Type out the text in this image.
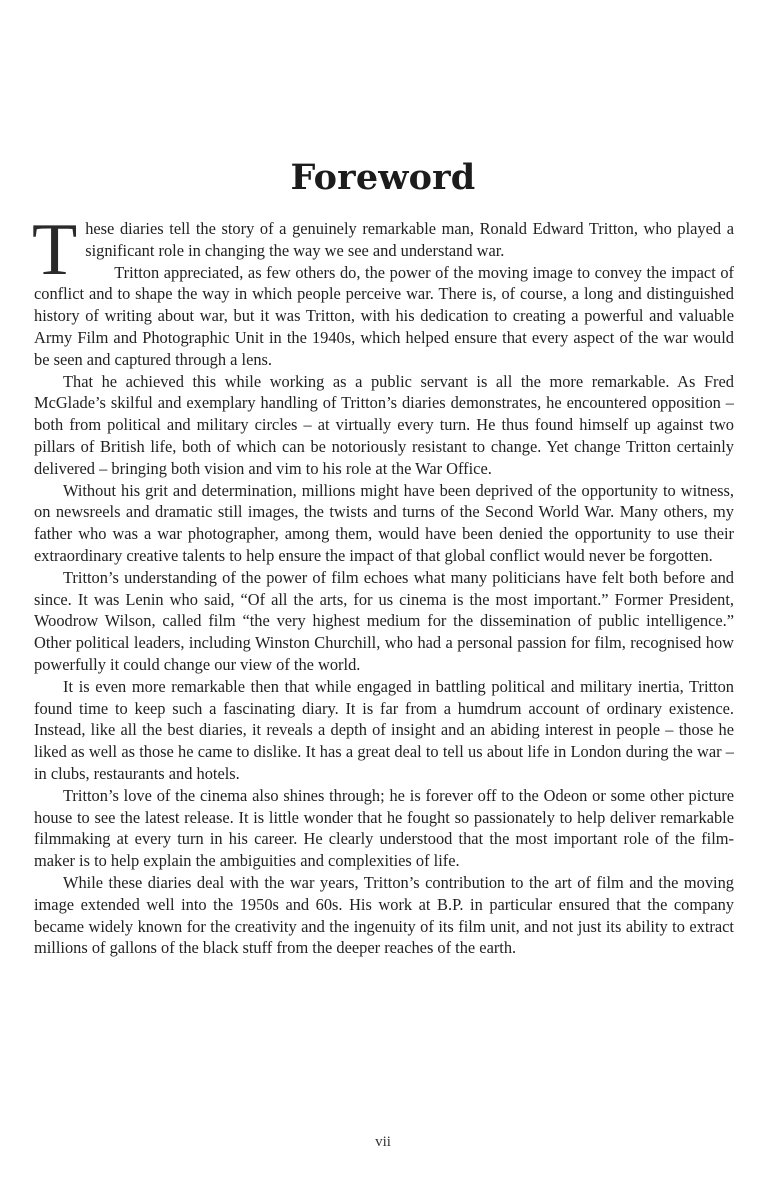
Foreword

These diaries tell the story of a genuinely remarkable man, Ronald Edward Tritton, who played a significant role in changing the way we see and understand war.

Tritton appreciated, as few others do, the power of the moving image to convey the impact of conflict and to shape the way in which people perceive war. There is, of course, a long and distinguished history of writing about war, but it was Tritton, with his dedication to creating a powerful and valuable Army Film and Photographic Unit in the 1940s, which helped ensure that every aspect of the war would be seen and captured through a lens.

That he achieved this while working as a public servant is all the more remarkable. As Fred McGlade’s skilful and exemplary handling of Tritton’s diaries demonstrates, he encountered opposition – both from political and military circles – at virtually every turn. He thus found himself up against two pillars of British life, both of which can be notoriously resistant to change. Yet change Tritton certainly delivered – bringing both vision and vim to his role at the War Office.

Without his grit and determination, millions might have been deprived of the opportunity to witness, on newsreels and dramatic still images, the twists and turns of the Second World War. Many others, my father who was a war photographer, among them, would have been denied the opportunity to use their extraordinary creative talents to help ensure the impact of that global conflict would never be forgotten.

Tritton’s understanding of the power of film echoes what many politicians have felt both before and since. It was Lenin who said, “Of all the arts, for us cinema is the most important.” Former President, Woodrow Wilson, called film “the very highest medium for the dissemination of public intelligence.” Other political leaders, including Winston Churchill, who had a personal passion for film, recognised how powerfully it could change our view of the world.

It is even more remarkable then that while engaged in battling political and military inertia, Tritton found time to keep such a fascinating diary. It is far from a humdrum account of ordinary existence. Instead, like all the best diaries, it reveals a depth of insight and an abiding interest in people – those he liked as well as those he came to dislike. It has a great deal to tell us about life in London during the war – in clubs, restaurants and hotels.

Tritton’s love of the cinema also shines through; he is forever off to the Odeon or some other picture house to see the latest release. It is little wonder that he fought so passionately to help deliver remarkable filmmaking at every turn in his career. He clearly understood that the most important role of the film-maker is to help explain the ambiguities and complexities of life.

While these diaries deal with the war years, Tritton’s contribution to the art of film and the moving image extended well into the 1950s and 60s. His work at B.P. in particular ensured that the company became widely known for the creativity and the ingenuity of its film unit, and not just its ability to extract millions of gallons of the black stuff from the deeper reaches of the earth.

vii
